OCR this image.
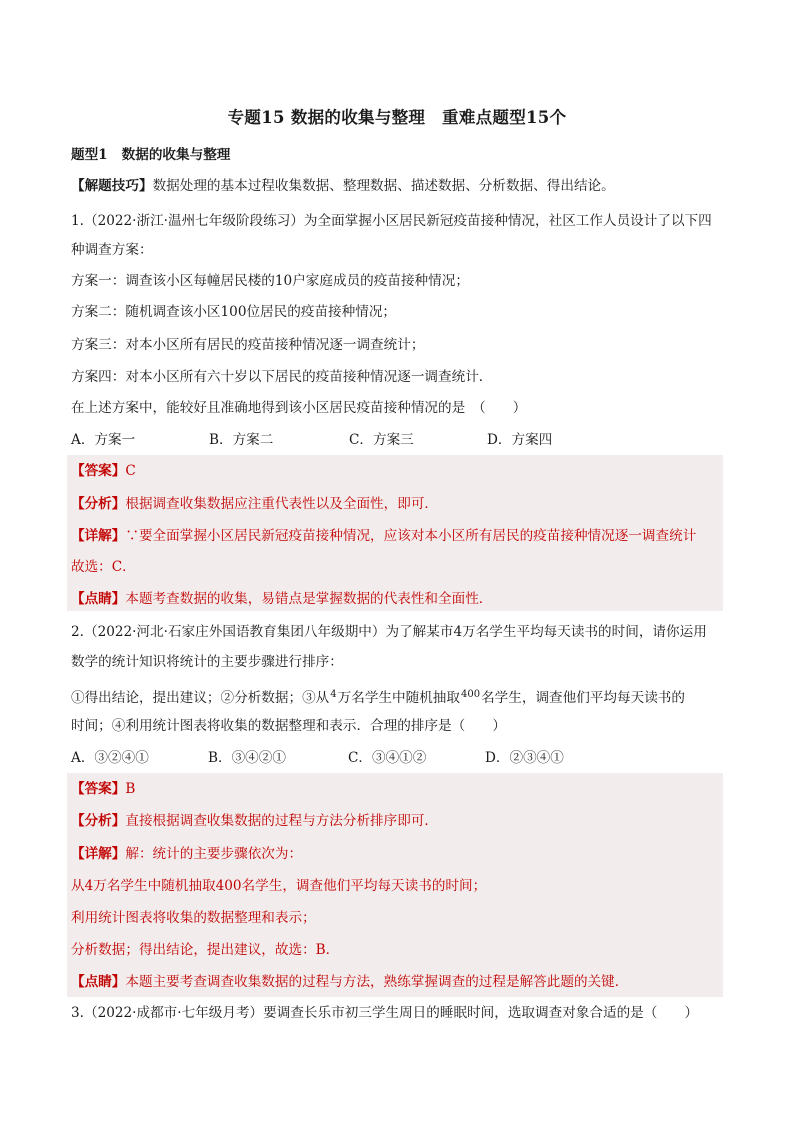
专题15 数据的收集与整理　重难点题型15个
题型1 数据的收集与整理
【解题技巧】数据处理的基本过程收集数据、整理数据、描述数据、分析数据、得出结论。
1.（2022·浙江·温州七年级阶段练习）为全面掌握小区居民新冠疫苗接种情况，社区工作人员设计了以下四
种调查方案：
方案一：调查该小区每幢居民楼的10户家庭成员的疫苗接种情况；
方案二：随机调查该小区100位居民的疫苗接种情况；
方案三：对本小区所有居民的疫苗接种情况逐一调查统计；
方案四：对本小区所有六十岁以下居民的疫苗接种情况逐一调查统计．
在上述方案中，能较好且准确地得到该小区居民疫苗接种情况的是　（　　）
A．方案一	B．方案二	C．方案三	D．方案四
【答案】C
【分析】根据调查收集数据应注重代表性以及全面性，即可．
【详解】∵要全面掌握小区居民新冠疫苗接种情况，应该对本小区所有居民的疫苗接种情况逐一调查统计
故选：C．
【点睛】本题考查数据的收集，易错点是掌握数据的代表性和全面性．
2.（2022·河北·石家庄外国语教育集团八年级期中）为了解某市4万名学生平均每天读书的时间，请你运用
数学的统计知识将统计的主要步骤进行排序：
①得出结论，提出建议；②分析数据；③从$^4$万名学生中随机抽取$^{400}$名学生，调查他们平均每天读书的
时间；④利用统计图表将收集的数据整理和表示．合理的排序是（　　）
A．③②④①	B．③④②①	C．③④①②	D．②③④①
【答案】B
【分析】直接根据调查收集数据的过程与方法分析排序即可．
【详解】解：统计的主要步骤依次为：
从4万名学生中随机抽取400名学生，调查他们平均每天读书的时间；
利用统计图表将收集的数据整理和表示；
分析数据；得出结论，提出建议，故选：B．
【点睛】本题主要考查调查收集数据的过程与方法，熟练掌握调查的过程是解答此题的关键．
3.（2022·成都市·七年级月考）要调查长乐市初三学生周日的睡眠时间，选取调查对象合适的是（　　）
